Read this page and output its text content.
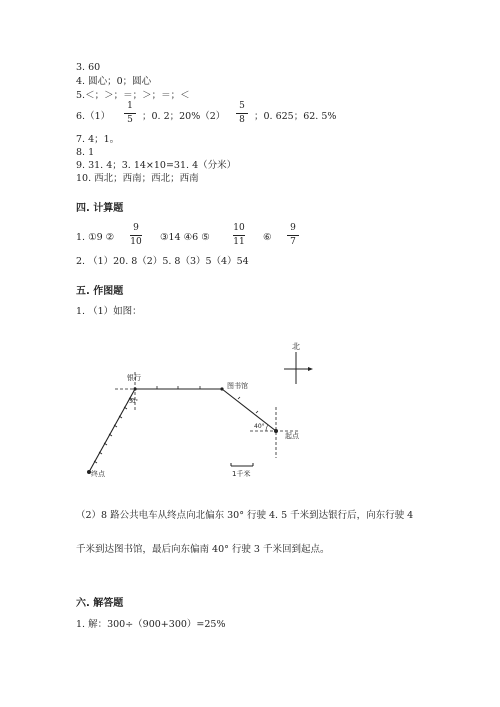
3. 60
4. 圆心；0；圆心
5.＜；＞；＝；＞；＝；＜
6.（1）
1
5 ；0. 2；20%（2）
5
8 ；0. 625；62. 5%
7. 4；1。
8. 1
9. 31. 4；3. 14×10=31. 4（分米）
10. 西北；西南；西北；西南
四. 计算题
1. ①9 ②
9
10 ③14 ④6 ⑤
10
11 ⑥
9
7
2. （1）20. 8（2）5. 8（3）5（4）54
五. 作图题
1. （1）如图：
北
银行
图书馆
起点
终点	1千米
30°
40°
（2）8 路公共电车从终点向北偏东 30° 行驶 4. 5 千米到达银行后，向东行驶 4
千米到达图书馆，最后向东偏南 40° 行驶 3 千米回到起点。
六. 解答题
1. 解：300÷（900+300）=25%
